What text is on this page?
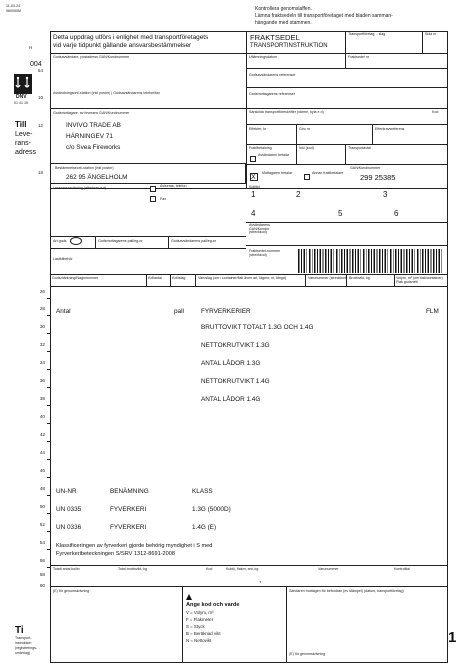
11-03-24
960050M	Kontrollera genomslaffen.
Lämna fraktsedeln till transportföretaget med bladen samman-
hängande med stammen.
Detta uppdrag utförs i enlighet med transportföretagets
vid varje tidpunkt gällande ansvarsbestämmelser
FRAKTSEDEL
TRANSPORTINSTRUKTION
Transportföretag, - slag	Sida nr
H
004
54
DNV
01 41 15
Till
Leve-
rans-
adress
Ti
Transport-
instruktion
(registrerings-
underlag)
Godsavsändare, postadress GAN/Kundnummer
10
Avsändningsort/-station (inkl postnr) | Godsavsändarens telefon/fax
Utlämningsdatum	Fraktsedel nr
Godsavsändarens referenser
Godsmottagarens referenser
Särskilda transportföreskrifter (värme, kyla e d)	Kod
Effekter, kr	Giro nr	Efterkravsreferens
Fraktbetalning	Inkl (kod)	Transportavtal
Avsändaren betalar
X
Mottagaren betalar	Annan fraktbetalare
GAN/Kundnummer
299 25385
Godsmottagare, av leverans GAN/Kundnummer
12	INVIVO TRADE AB
HÄRNINGEV 71
c/o Svea Fireworks
18
Bestämmelseort/-station (inkl postnr)
262 95 ÄNGELHOLM
Leveransanvisning (efterkrav e d)	Aviseras, telefon
Fax
Kollitid
1	2	3
4	5	6
Avsändarens GAN/Kundnr (streckkod)
Fraktsedel-nummer (streckkod)
Art gods	Godsmottagarens pall/eg-nr	Godsavsändarens pall/eg-nr
Lastbilbehör
Godsmärkning/Nagnnummer	Kollantal	Kollislag	Varuslag (om i container/flak även art, lägenr, nr, längd)	Varunummer (streckkod) Bruttovikt, kg	Volym, m³ (om flak/container) Flak godsnett
26
28
30
32
34
36
38
40
42
44
46
48
50
52
54
56
58
60
Antal	pall	FYRVERKERIER	FLM
BRUTTOVIKT TOTALT 1.3G OCH 1.4G
NETTOKRUTVIKT 1.3G
ANTAL LÅDOR 1.3G
NETTOKRUTVIKT 1.4G
ANTAL LÅDOR 1.4G
UN-NR	BENÄMNING	KLASS
UN 0335	FYVERKERI	1.3G (5000D)
UN 0336	FYVERKERI	1.4G (E)
Klassificeringen av fyrverkeri gjorde behörig myndighet i S med
Fyrverkeribeteckningen S/SRV 1312-8691-2008
Totalt antal kollin	Total bruttovikt, kg	Kod	Kubik, flakm, ant, kg	Varunummer	Kontrolltal
,
(E) för genomskrivning
Ange kod och varde
V = Volym, m³
F = Flakmeter
S = Styck
B = Beräknad vikt
N = Nettovikt
Sändaren mottagen för befordran (ev stämpel) (datum, transportföretag)
(E) för genomskrivning
1
